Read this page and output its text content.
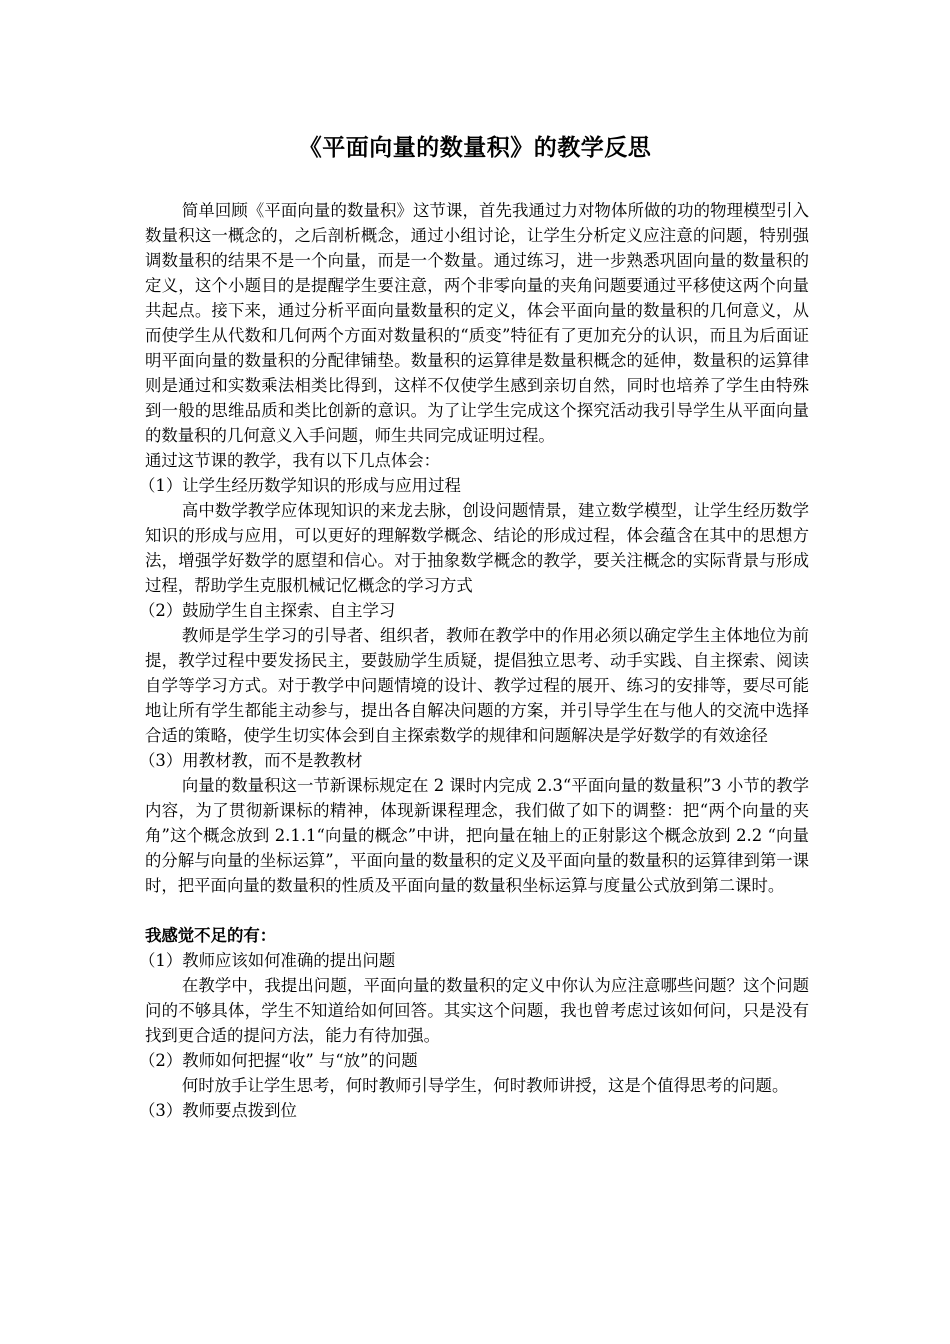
《平面向量的数量积》的教学反思

简单回顾《平面向量的数量积》这节课，首先我通过力对物体所做的功的物理模型引入数量积这一概念的，之后剖析概念，通过小组讨论，让学生分析定义应注意的问题，特别强调数量积的结果不是一个向量，而是一个数量。通过练习，进一步熟悉巩固向量的数量积的定义，这个小题目的是提醒学生要注意，两个非零向量的夹角问题要通过平移使这两个向量共起点。接下来，通过分析平面向量数量积的定义，体会平面向量的数量积的几何意义，从而使学生从代数和几何两个方面对数量积的“质变”特征有了更加充分的认识，而且为后面证明平面向量的数量积的分配律铺垫。数量积的运算律是数量积概念的延伸，数量积的运算律则是通过和实数乘法相类比得到，这样不仅使学生感到亲切自然，同时也培养了学生由特殊到一般的思维品质和类比创新的意识。为了让学生完成这个探究活动我引导学生从平面向量的数量积的几何意义入手问题，师生共同完成证明过程。

通过这节课的教学，我有以下几点体会：

（1）让学生经历数学知识的形成与应用过程

高中数学教学应体现知识的来龙去脉，创设问题情景，建立数学模型，让学生经历数学知识的形成与应用，可以更好的理解数学概念、结论的形成过程，体会蕴含在其中的思想方法，增强学好数学的愿望和信心。对于抽象数学概念的教学，要关注概念的实际背景与形成过程，帮助学生克服机械记忆概念的学习方式

（2）鼓励学生自主探索、自主学习

教师是学生学习的引导者、组织者，教师在教学中的作用必须以确定学生主体地位为前提，教学过程中要发扬民主，要鼓励学生质疑，提倡独立思考、动手实践、自主探索、阅读自学等学习方式。对于教学中问题情境的设计、教学过程的展开、练习的安排等，要尽可能地让所有学生都能主动参与，提出各自解决问题的方案，并引导学生在与他人的交流中选择合适的策略，使学生切实体会到自主探索数学的规律和问题解决是学好数学的有效途径

（3）用教材教，而不是教教材

向量的数量积这一节新课标规定在 2 课时内完成 2.3“平面向量的数量积”3 小节的教学内容，为了贯彻新课标的精神，体现新课程理念，我们做了如下的调整：把“两个向量的夹角”这个概念放到 2.1.1“向量的概念”中讲，把向量在轴上的正射影这个概念放到 2.2 “向量的分解与向量的坐标运算”，平面向量的数量积的定义及平面向量的数量积的运算律到第一课时，把平面向量的数量积的性质及平面向量的数量积坐标运算与度量公式放到第二课时。

我感觉不足的有：

（1）教师应该如何准确的提出问题

在教学中，我提出问题，平面向量的数量积的定义中你认为应注意哪些问题？这个问题问的不够具体，学生不知道给如何回答。其实这个问题，我也曾考虑过该如何问，只是没有找到更合适的提问方法，能力有待加强。

（2）教师如何把握“收” 与“放”的问题

何时放手让学生思考，何时教师引导学生，何时教师讲授，这是个值得思考的问题。

（3）教师要点拨到位
